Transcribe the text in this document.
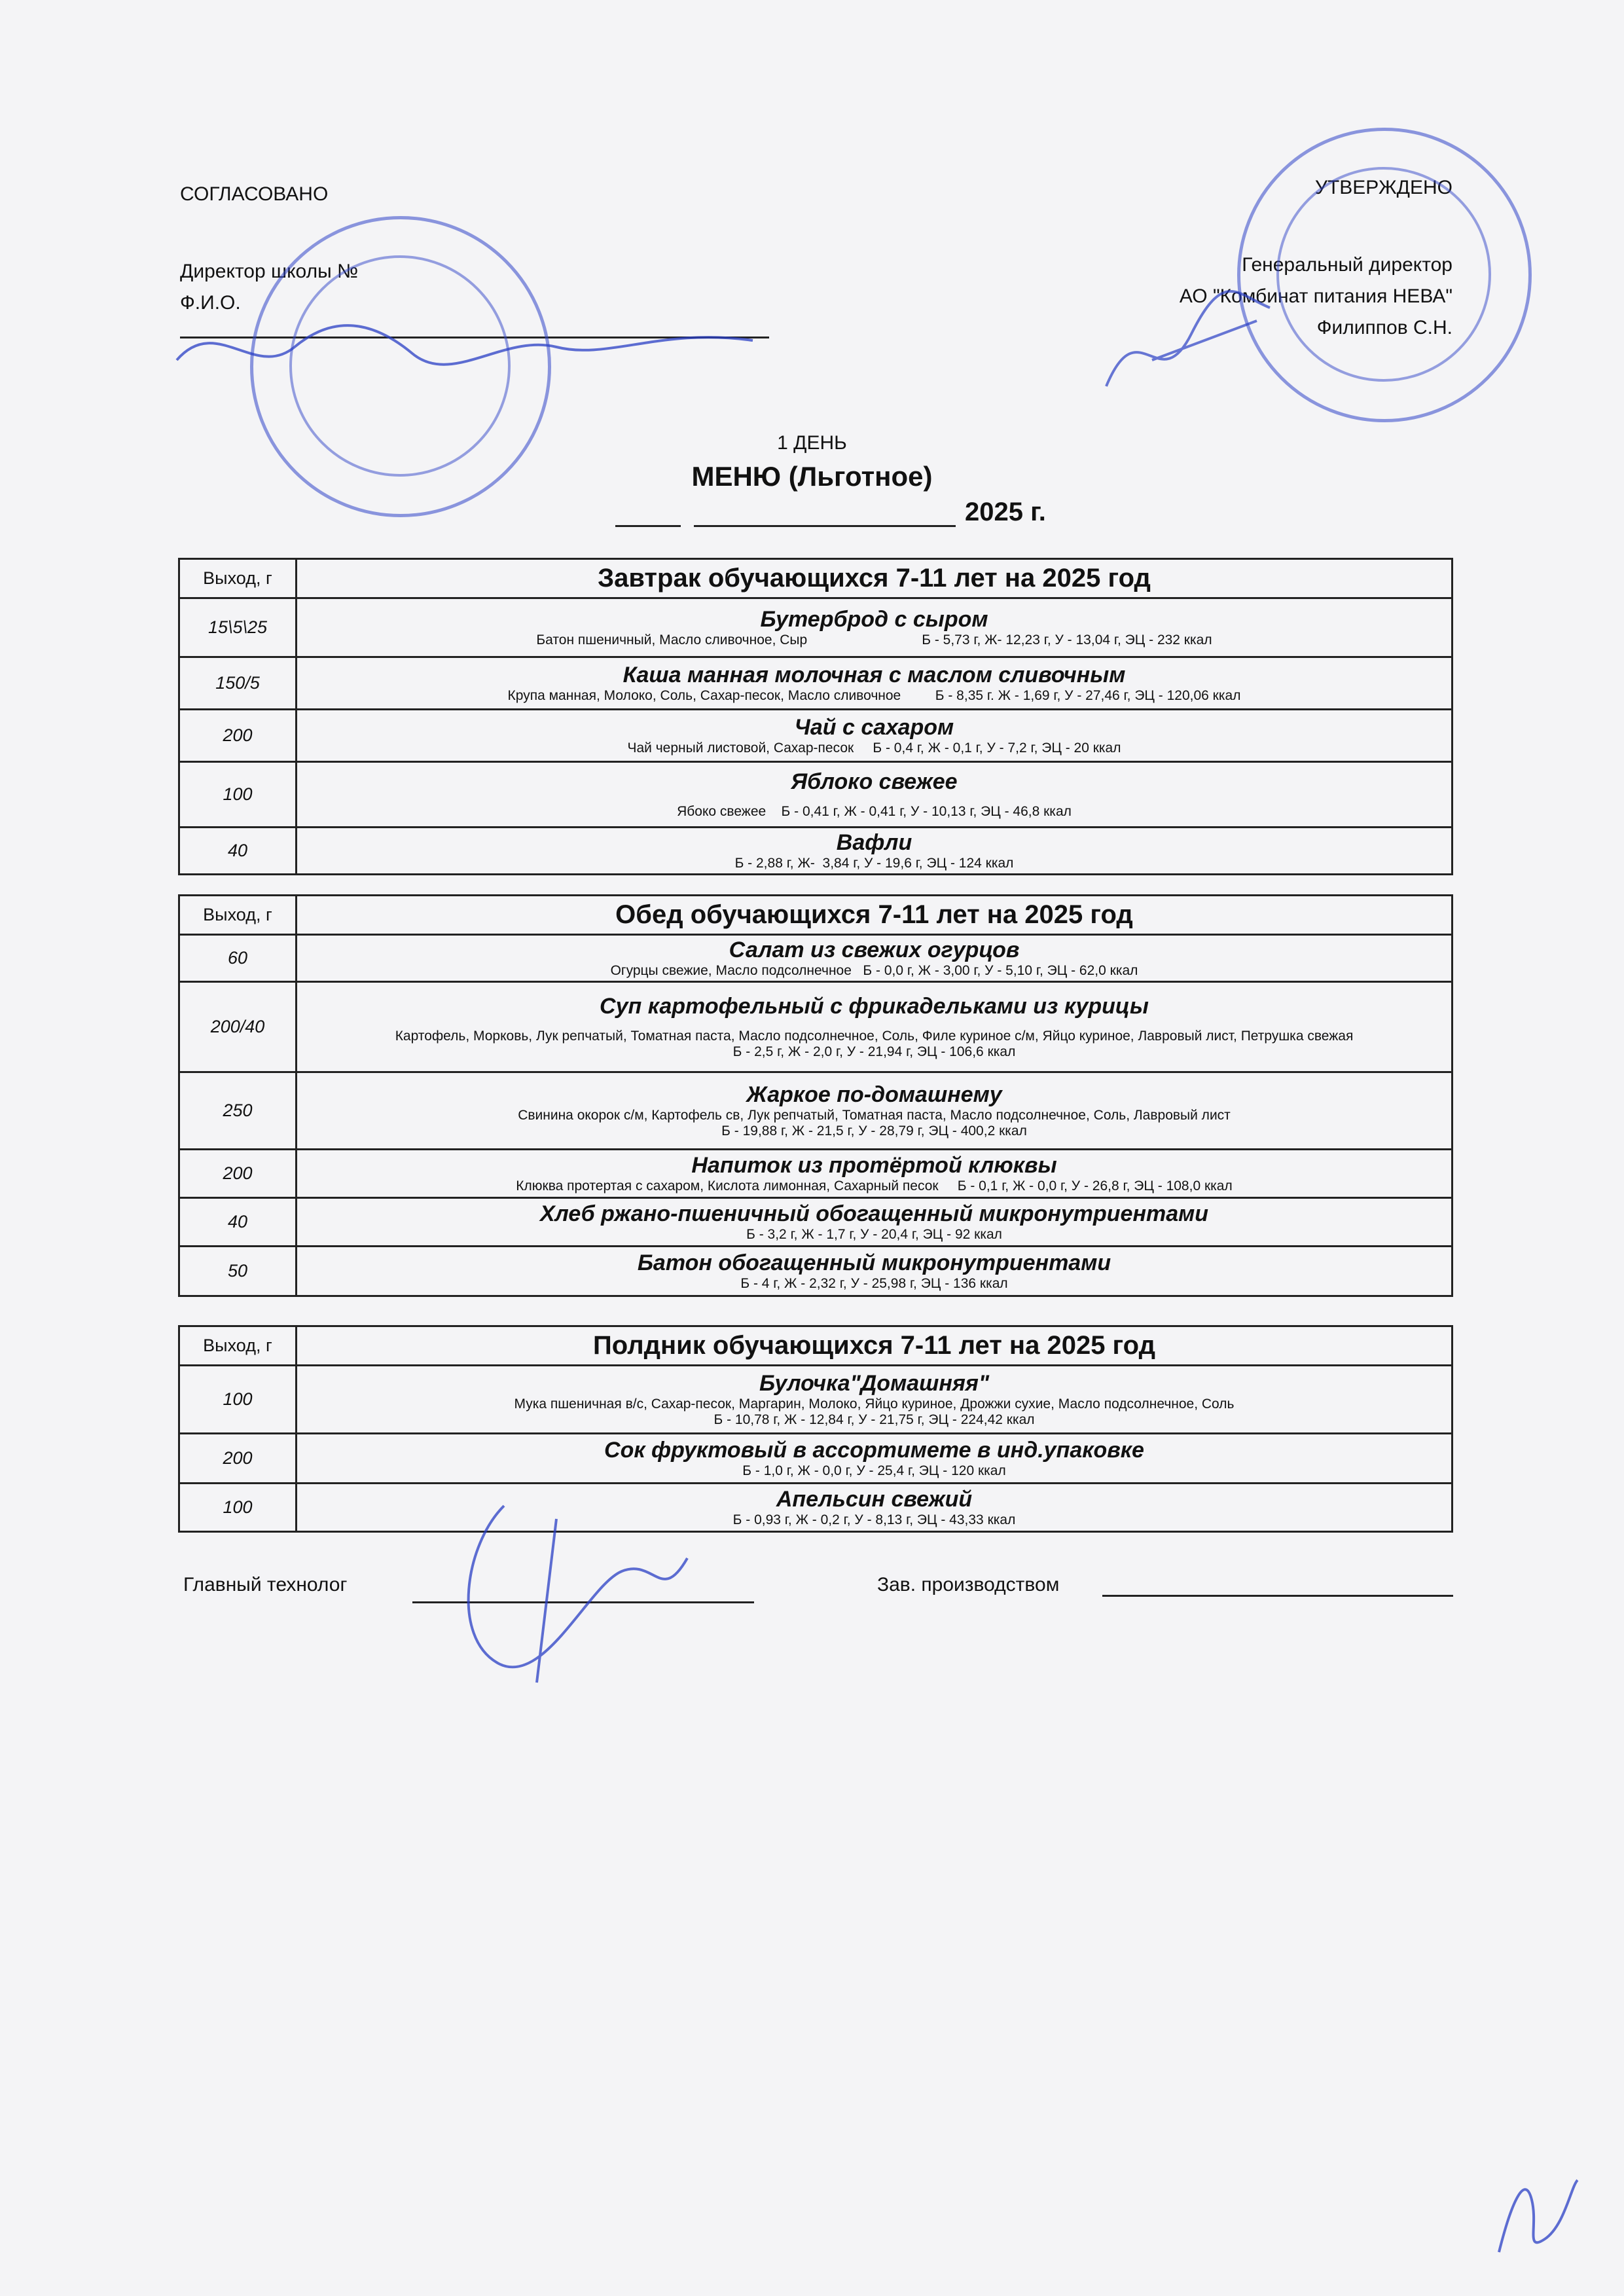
СОГЛАСОВАНО
Директор школы №
Ф.И.О.
УТВЕРЖДЕНО
Генеральный директор
АО "Комбинат питания НЕВА"
Филиппов С.Н.
1 ДЕНЬ
МЕНЮ (Льготное)
2025 г.
Выход, г	Завтрак обучающихся 7-11 лет на 2025 год
15\5\25	Бутерброд с сыром
Батон пшеничный, Масло сливочное, Сыр                              Б - 5,73 г, Ж- 12,23 г, У - 13,04 г, ЭЦ - 232 ккал

150/5	Каша манная молочная с маслом сливочным
Крупа манная, Молоко, Соль, Сахар-песок, Масло сливочное         Б - 8,35 г. Ж - 1,69 г, У - 27,46 г, ЭЦ - 120,06 ккал

200	Чай с сахаром
Чай черный листовой, Сахар-песок     Б - 0,4 г, Ж - 0,1 г, У - 7,2 г, ЭЦ - 20 ккал

100	Яблоко свежее
Ябоко свежее    Б - 0,41 г, Ж - 0,41 г, У - 10,13 г, ЭЦ - 46,8 ккал

40	Вафли
Б - 2,88 г, Ж-  3,84 г, У - 19,6 г, ЭЦ - 124 ккал
Выход, г	Обед обучающихся 7-11 лет на 2025 год
60	Салат из свежих огурцов
Огурцы свежие, Масло подсолнечное   Б - 0,0 г, Ж - 3,00 г, У - 5,10 г, ЭЦ - 62,0 ккал

200/40	Суп картофельный с фрикадельками из курицы
Картофель, Морковь, Лук репчатый, Томатная паста, Масло подсолнечное, Соль, Филе куриное с/м, Яйцо куриное, Лавровый лист, Петрушка свежая
Б - 2,5 г, Ж - 2,0 г, У - 21,94 г, ЭЦ - 106,6 ккал

250	Жаркое по-домашнему
Свинина окорок с/м, Картофель св, Лук репчатый, Томатная паста, Масло подсолнечное, Соль, Лавровый лист
Б - 19,88 г, Ж - 21,5 г, У - 28,79 г, ЭЦ - 400,2 ккал

200	Напиток из протёртой клюквы
Клюква протертая с сахаром, Кислота лимонная, Сахарный песок     Б - 0,1 г, Ж - 0,0 г, У - 26,8 г, ЭЦ - 108,0 ккал

40	Хлеб ржано-пшеничный обогащенный микронутриентами
Б - 3,2 г, Ж - 1,7 г, У - 20,4 г, ЭЦ - 92 ккал

50	Батон обогащенный микронутриентами
Б - 4 г, Ж - 2,32 г, У - 25,98 г, ЭЦ - 136 ккал
Выход, г	Полдник обучающихся 7-11 лет на 2025 год
100	Булочка"Домашняя"
Мука пшеничная в/с, Сахар-песок, Маргарин, Молоко, Яйцо куриное, Дрожжи сухие, Масло подсолнечное, Соль
Б - 10,78 г, Ж - 12,84 г, У - 21,75 г, ЭЦ - 224,42 ккал

200	Сок фруктовый в ассортимете в инд.упаковке
Б - 1,0 г, Ж - 0,0 г, У - 25,4 г, ЭЦ - 120 ккал

100	Апельсин свежий
Б - 0,93 г, Ж - 0,2 г, У - 8,13 г, ЭЦ - 43,33 ккал
Главный технолог	Зав. производством
